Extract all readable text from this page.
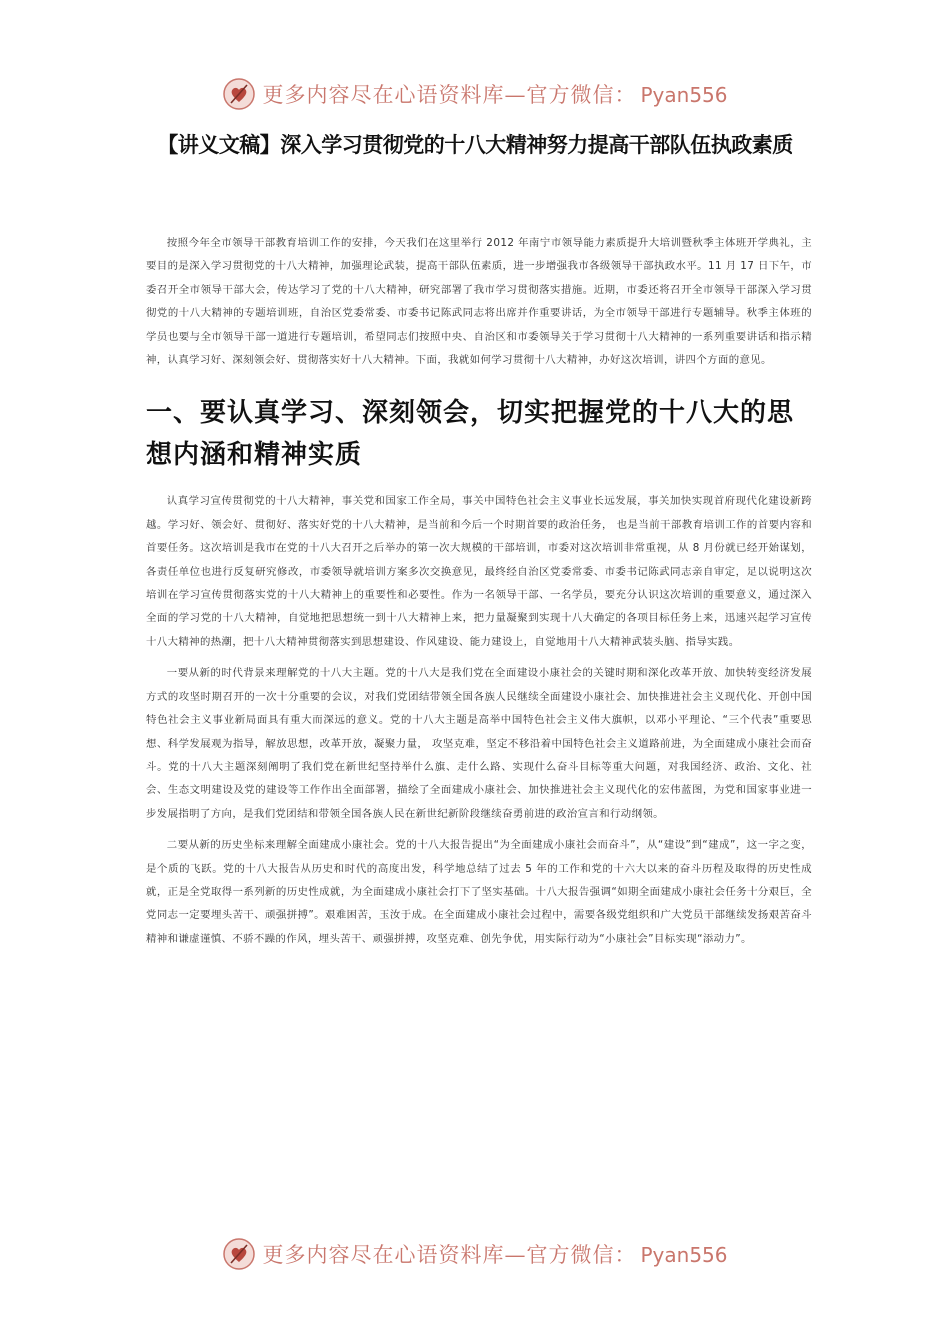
更多内容尽在心语资料库—官方微信： Pyan556
【讲义文稿】深入学习贯彻党的十八大精神努力提高干部队伍执政素质

按照今年全市领导干部教育培训工作的安排，今天我们在这里举行 2012 年南宁市领导能力素质提升大培训暨秋季主体班开学典礼，主要目的是深入学习贯彻党的十八大精神，加强理论武装，提高干部队伍素质，进一步增强我市各级领导干部执政水平。11 月 17 日下午，市委召开全市领导干部大会，传达学习了党的十八大精神，研究部署了我市学习贯彻落实措施。近期，市委还将召开全市领导干部深入学习贯彻党的十八大精神的专题培训班，自治区党委常委、市委书记陈武同志将出席并作重要讲话，为全市领导干部进行专题辅导。秋季主体班的学员也要与全市领导干部一道进行专题培训，希望同志们按照中央、自治区和市委领导关于学习贯彻十八大精神的一系列重要讲话和指示精神，认真学习好、深刻领会好、贯彻落实好十八大精神。下面，我就如何学习贯彻十八大精神，办好这次培训，讲四个方面的意见。

一、要认真学习、深刻领会，切实把握党的十八大的思想内涵和精神实质

认真学习宣传贯彻党的十八大精神，事关党和国家工作全局，事关中国特色社会主义事业长远发展，事关加快实现首府现代化建设新跨越。学习好、领会好、贯彻好、落实好党的十八大精神，是当前和今后一个时期首要的政治任务， 也是当前干部教育培训工作的首要内容和首要任务。这次培训是我市在党的十八大召开之后举办的第一次大规模的干部培训，市委对这次培训非常重视，从 8 月份就已经开始谋划，各责任单位也进行反复研究修改，市委领导就培训方案多次交换意见，最终经自治区党委常委、市委书记陈武同志亲自审定，足以说明这次培训在学习宣传贯彻落实党的十八大精神上的重要性和必要性。作为一名领导干部、一名学员，要充分认识这次培训的重要意义，通过深入全面的学习党的十八大精神，自觉地把思想统一到十八大精神上来，把力量凝聚到实现十八大确定的各项目标任务上来，迅速兴起学习宣传十八大精神的热潮，把十八大精神贯彻落实到思想建设、作风建设、能力建设上，自觉地用十八大精神武装头脑、指导实践。

一要从新的时代背景来理解党的十八大主题。党的十八大是我们党在全面建设小康社会的关键时期和深化改革开放、加快转变经济发展方式的攻坚时期召开的一次十分重要的会议，对我们党团结带领全国各族人民继续全面建设小康社会、加快推进社会主义现代化、开创中国特色社会主义事业新局面具有重大而深远的意义。党的十八大主题是高举中国特色社会主义伟大旗帜，以邓小平理论、“三个代表”重要思想、科学发展观为指导，解放思想，改革开放，凝聚力量， 攻坚克难，坚定不移沿着中国特色社会主义道路前进，为全面建成小康社会而奋斗。党的十八大主题深刻阐明了我们党在新世纪坚持举什么旗、走什么路、实现什么奋斗目标等重大问题，对我国经济、政治、文化、社会、生态文明建设及党的建设等工作作出全面部署，描绘了全面建成小康社会、加快推进社会主义现代化的宏伟蓝图，为党和国家事业进一步发展指明了方向，是我们党团结和带领全国各族人民在新世纪新阶段继续奋勇前进的政治宣言和行动纲领。

二要从新的历史坐标来理解全面建成小康社会。党的十八大报告提出“为全面建成小康社会而奋斗”，从“建设”到“建成”，这一字之变，是个质的飞跃。党的十八大报告从历史和时代的高度出发，科学地总结了过去 5 年的工作和党的十六大以来的奋斗历程及取得的历史性成就，正是全党取得一系列新的历史性成就，为全面建成小康社会打下了坚实基础。十八大报告强调“如期全面建成小康社会任务十分艰巨，全党同志一定要埋头苦干、顽强拼搏”。艰难困苦，玉汝于成。在全面建成小康社会过程中，需要各级党组织和广大党员干部继续发扬艰苦奋斗精神和谦虚谨慎、不骄不躁的作风，埋头苦干、顽强拼搏，攻坚克难、创先争优，用实际行动为“小康社会”目标实现“添动力”。

更多内容尽在心语资料库—官方微信： Pyan556
